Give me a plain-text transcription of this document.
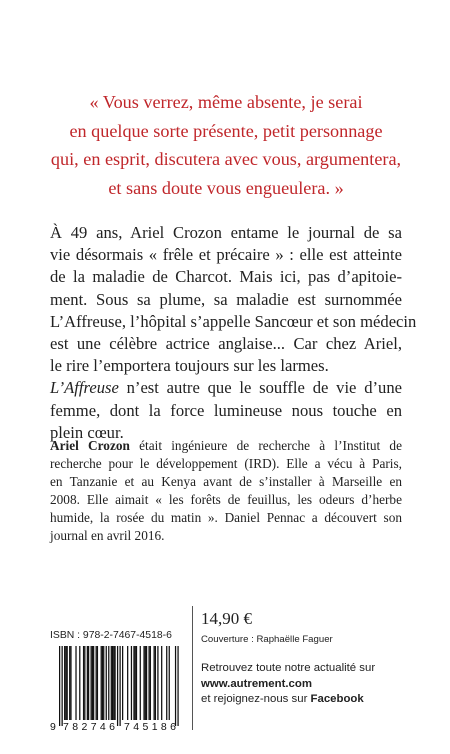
« Vous verrez, même absente, je serai
en quelque sorte présente, petit personnage
qui, en esprit, discutera avec vous, argumentera,
et sans doute vous engueulera. »
À 49 ans, Ariel Crozon entame le journal de sa
vie désormais « frêle et précaire » : elle est atteinte
de la maladie de Charcot. Mais ici, pas d’apitoie-
ment. Sous sa plume, sa maladie est surnommée
L’Affreuse, l’hôpital s’appelle Sancœur et son médecin
est une célèbre actrice anglaise... Car chez Ariel,
le rire l’emportera toujours sur les larmes.
L’Affreuse n’est autre que le souffle de vie d’une
femme, dont la force lumineuse nous touche en
plein cœur.
Ariel Crozon était ingénieure de recherche à l’Institut de
recherche pour le développement (IRD). Elle a vécu à Paris,
en Tanzanie et au Kenya avant de s’installer à Marseille en
2008. Elle aimait « les forêts de feuillus, les odeurs d’herbe
humide, la rosée du matin ». Daniel Pennac a découvert son
journal en avril 2016.
ISBN : 978-2-7467-4518-6
9 782746 745186
14,90 €
Couverture : Raphaëlle Faguer
Retrouvez toute notre actualité sur
www.autrement.com
et rejoignez-nous sur Facebook
